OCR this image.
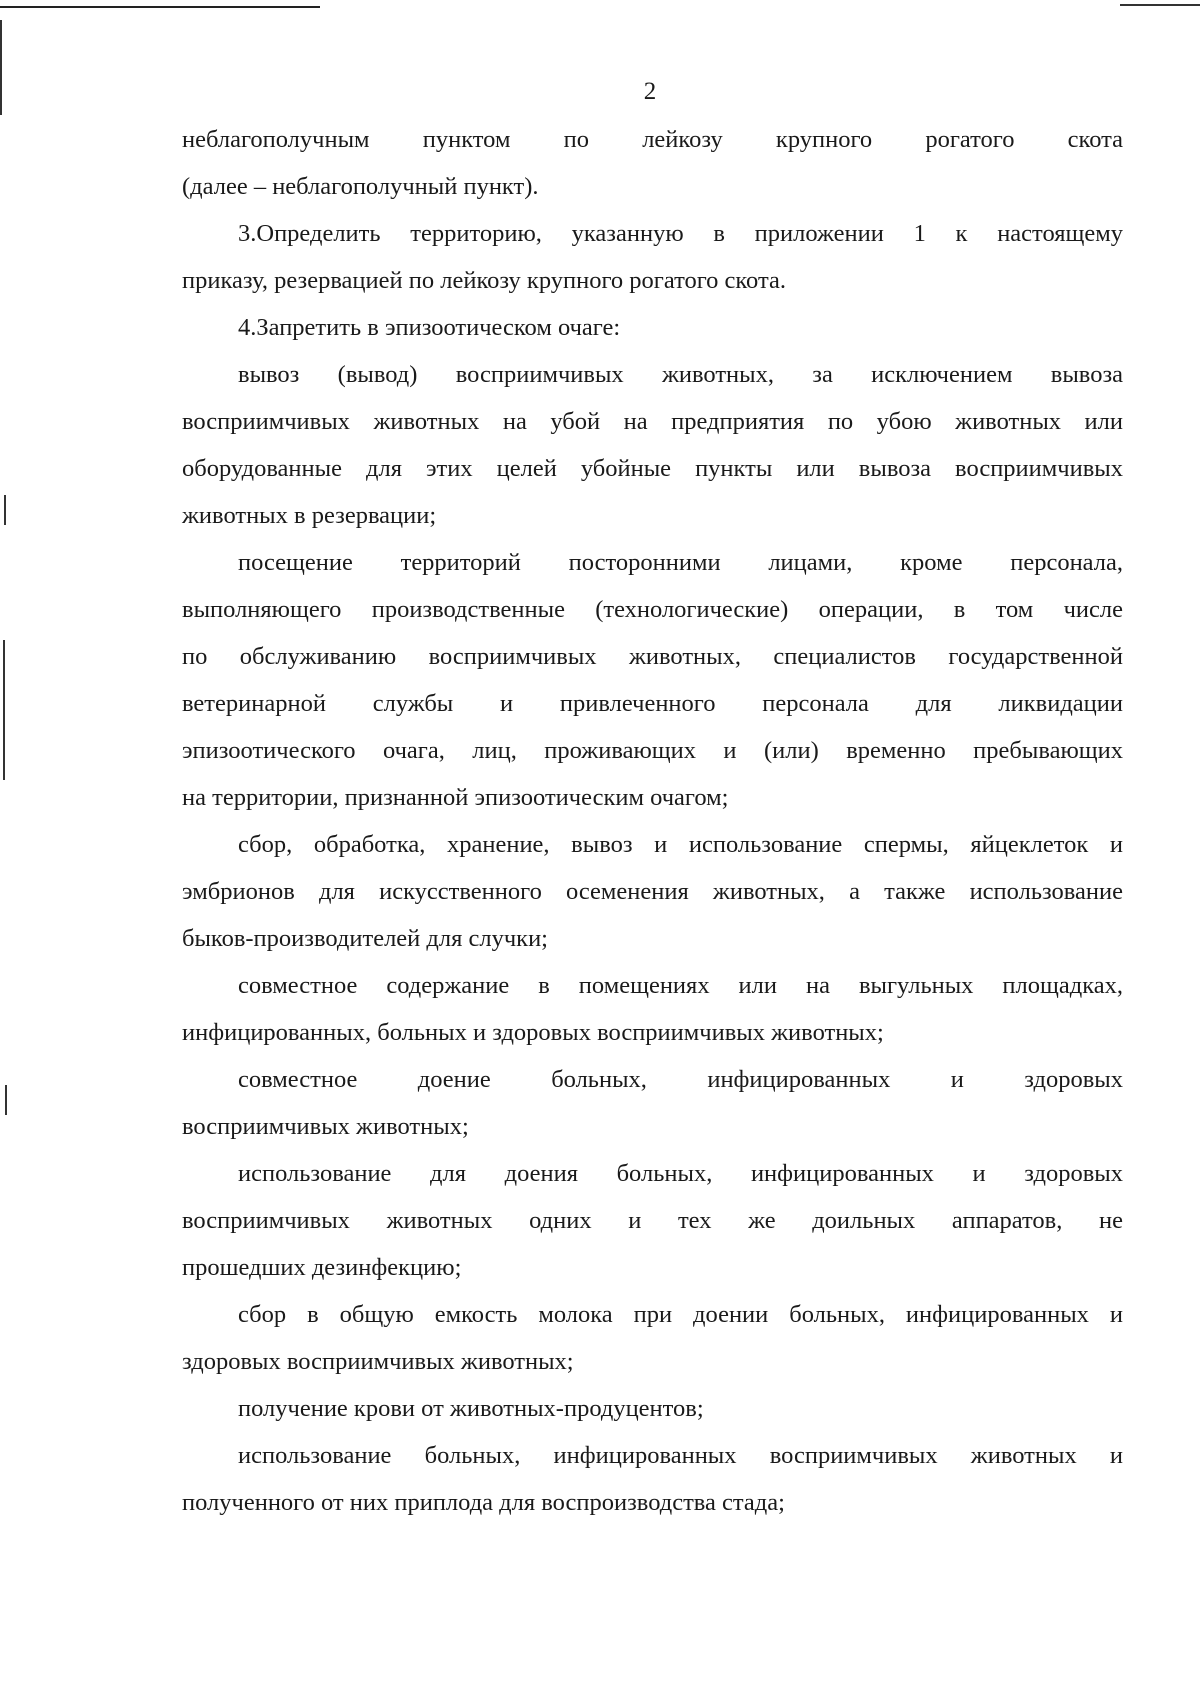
2
неблагополучным пунктом по лейкозу крупного рогатого скота
(далее – неблагополучный пункт).
3.Определить территорию, указанную в приложении 1 к настоящему
приказу, резервацией по лейкозу крупного рогатого скота.
4.Запретить в эпизоотическом очаге:
вывоз (вывод) восприимчивых животных, за исключением вывоза
восприимчивых животных на убой на предприятия по убою животных или
оборудованные для этих целей убойные пункты или вывоза восприимчивых
животных в резервации;
посещение территорий посторонними лицами, кроме персонала,
выполняющего производственные (технологические) операции, в том числе
по обслуживанию восприимчивых животных, специалистов государственной
ветеринарной службы и привлеченного персонала для ликвидации
эпизоотического очага, лиц, проживающих и (или) временно пребывающих
на территории, признанной эпизоотическим очагом;
сбор, обработка, хранение, вывоз и использование спермы, яйцеклеток и
эмбрионов для искусственного осеменения животных, а также использование
быков-производителей для случки;
совместное содержание в помещениях или на выгульных площадках,
инфицированных, больных и здоровых восприимчивых животных;
совместное доение больных, инфицированных и здоровых
восприимчивых животных;
использование для доения больных, инфицированных и здоровых
восприимчивых животных одних и тех же доильных аппаратов, не
прошедших дезинфекцию;
сбор в общую емкость молока при доении больных, инфицированных и
здоровых восприимчивых животных;
получение крови от животных-продуцентов;
использование больных, инфицированных восприимчивых животных и
полученного от них приплода для воспроизводства стада;
